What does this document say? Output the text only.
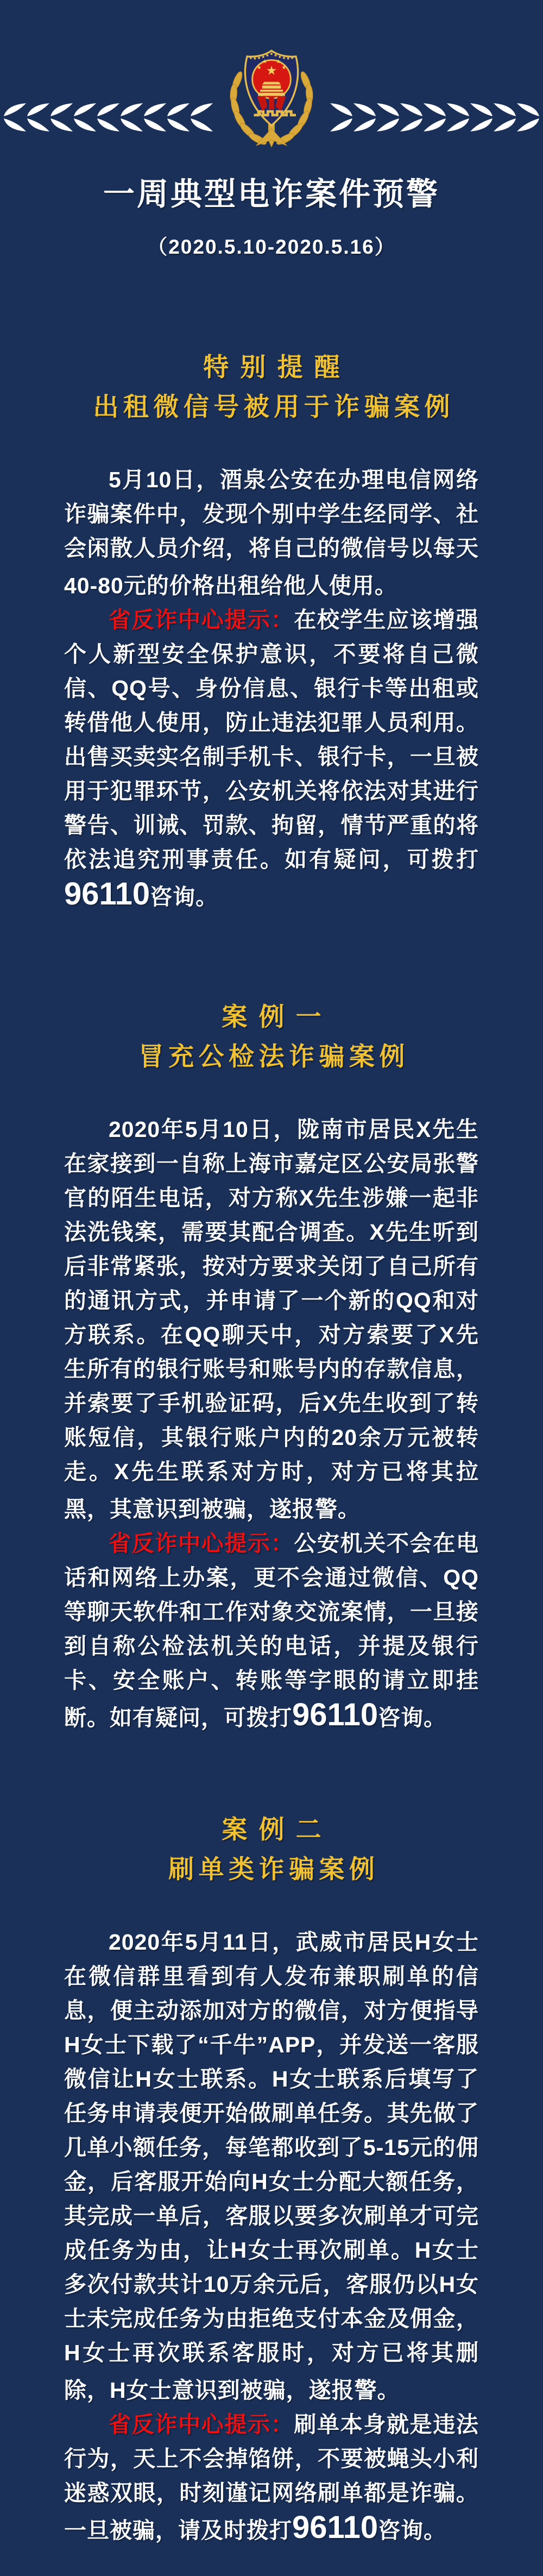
★
★
★ ★
★
一周典型电诈案件预警
（2020.5.10-2020.5.16）
特别提醒
出租微信号被用于诈骗案例

5月10日，酒泉公安在办理电信网络诈骗案件中，发现个别中学生经同学、社会闲散人员介绍，将自己的微信号以每天40-80元的价格出租给他人使用。

省反诈中心提示：在校学生应该增强个人新型安全保护意识，不要将自己微信、QQ号、身份信息、银行卡等出租或转借他人使用，防止违法犯罪人员利用。出售买卖实名制手机卡、银行卡，一旦被用于犯罪环节，公安机关将依法对其进行警告、训诫、罚款、拘留，情节严重的将依法追究刑事责任。如有疑问，可拨打96110咨询。

案例一
冒充公检法诈骗案例

2020年5月10日，陇南市居民X先生在家接到一自称上海市嘉定区公安局张警官的陌生电话，对方称X先生涉嫌一起非法洗钱案，需要其配合调查。X先生听到后非常紧张，按对方要求关闭了自己所有的通讯方式，并申请了一个新的QQ和对方联系。在QQ聊天中，对方索要了X先生所有的银行账号和账号内的存款信息，并索要了手机验证码，后X先生收到了转账短信，其银行账户内的20余万元被转走。X先生联系对方时，对方已将其拉黑，其意识到被骗，遂报警。

省反诈中心提示：公安机关不会在电话和网络上办案，更不会通过微信、QQ等聊天软件和工作对象交流案情，一旦接到自称公检法机关的电话，并提及银行卡、安全账户、转账等字眼的请立即挂断。如有疑问，可拨打96110咨询。

案例二
刷单类诈骗案例

2020年5月11日，武威市居民H女士在微信群里看到有人发布兼职刷单的信息，便主动添加对方的微信，对方便指导H女士下载了“千牛”APP，并发送一客服微信让H女士联系。H女士联系后填写了任务申请表便开始做刷单任务。其先做了几单小额任务，每笔都收到了5-15元的佣金，后客服开始向H女士分配大额任务，其完成一单后，客服以要多次刷单才可完成任务为由，让H女士再次刷单。H女士多次付款共计10万余元后，客服仍以H女士未完成任务为由拒绝支付本金及佣金，H女士再次联系客服时，对方已将其删除，H女士意识到被骗，遂报警。

省反诈中心提示：刷单本身就是违法行为，天上不会掉馅饼，不要被蝇头小利迷惑双眼，时刻谨记网络刷单都是诈骗。一旦被骗，请及时拨打96110咨询。
